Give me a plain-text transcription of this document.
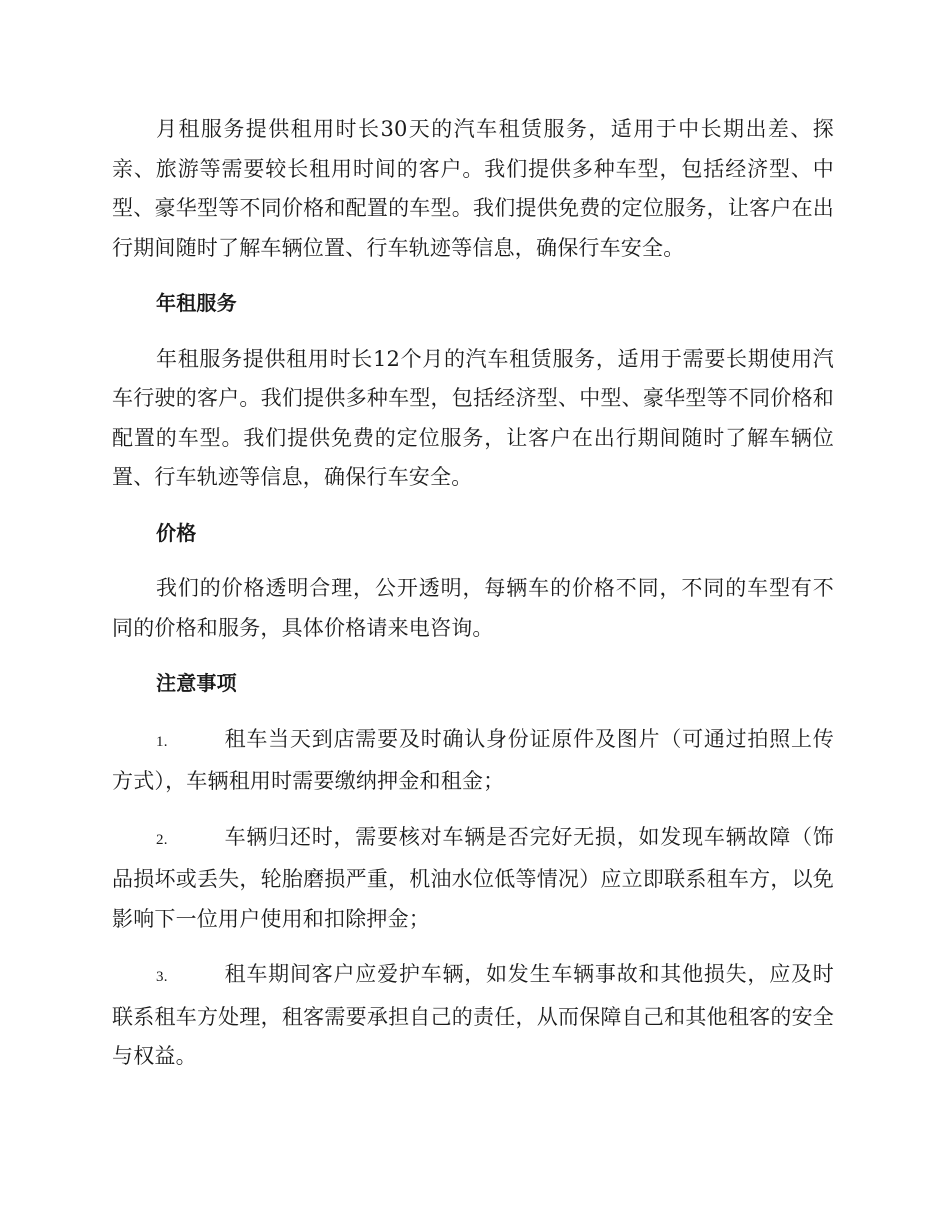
月租服务提供租用时长30天的汽车租赁服务，适用于中长期出差、探亲、旅游等需要较长租用时间的客户。我们提供多种车型，包括经济型、中型、豪华型等不同价格和配置的车型。我们提供免费的定位服务，让客户在出行期间随时了解车辆位置、行车轨迹等信息，确保行车安全。

年租服务

年租服务提供租用时长12个月的汽车租赁服务，适用于需要长期使用汽车行驶的客户。我们提供多种车型，包括经济型、中型、豪华型等不同价格和配置的车型。我们提供免费的定位服务，让客户在出行期间随时了解车辆位置、行车轨迹等信息，确保行车安全。

价格

我们的价格透明合理，公开透明，每辆车的价格不同，不同的车型有不同的价格和服务，具体价格请来电咨询。

注意事项

1.	租车当天到店需要及时确认身份证原件及图片（可通过拍照上传方式），车辆租用时需要缴纳押金和租金；

2.	车辆归还时，需要核对车辆是否完好无损，如发现车辆故障（饰品损坏或丢失，轮胎磨损严重，机油水位低等情况）应立即联系租车方，以免影响下一位用户使用和扣除押金；

3.	租车期间客户应爱护车辆，如发生车辆事故和其他损失，应及时联系租车方处理，租客需要承担自己的责任，从而保障自己和其他租客的安全与权益。
